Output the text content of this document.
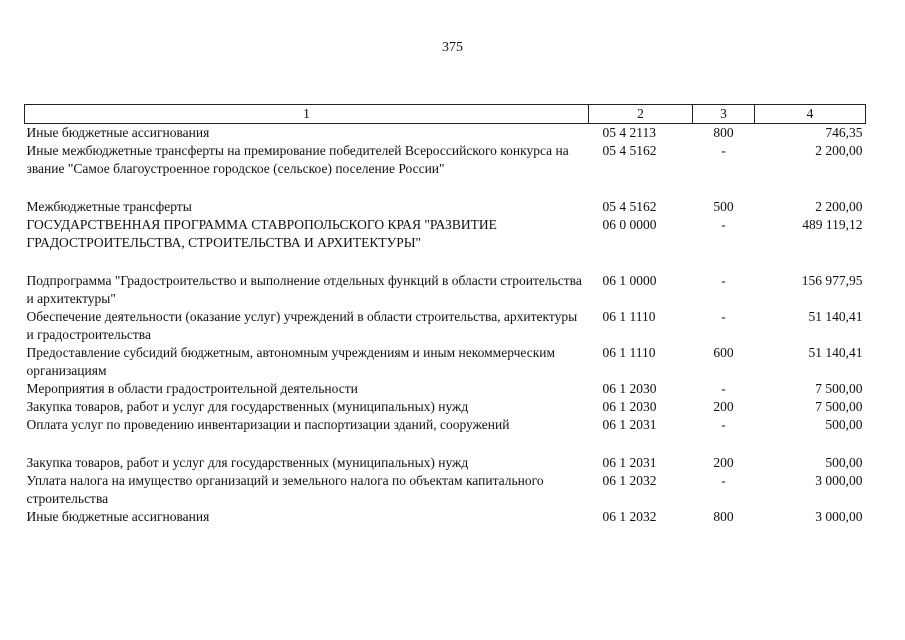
375
1	2	3	4
Иные бюджетные ассигнования	05 4 2113	800	746,35
Иные межбюджетные трансферты на премирование победителей Всероссийского конкурса на звание "Самое благоустроенное городское (сельское) поселение России"	05 4 5162	-	2 200,00

Межбюджетные трансферты	05 4 5162	500	2 200,00
ГОСУДАРСТВЕННАЯ ПРОГРАММА СТАВРОПОЛЬСКОГО КРАЯ "РАЗВИТИЕ ГРАДОСТРОИТЕЛЬСТВА, СТРОИТЕЛЬСТВА И АРХИТЕКТУРЫ"	06 0 0000	-	489 119,12

Подпрограмма "Градостроительство и выполнение отдельных функций в области строительства и архитектуры"	06 1 0000	-	156 977,95
Обеспечение деятельности (оказание услуг) учреждений в области строительства, архитектуры и градостроительства	06 1 1110	-	51 140,41
Предоставление субсидий бюджетным, автономным учреждениям и иным некоммерческим организациям	06 1 1110	600	51 140,41
Мероприятия в области градостроительной деятельности	06 1 2030	-	7 500,00
Закупка товаров, работ и услуг для государственных (муниципальных) нужд	06 1 2030	200	7 500,00
Оплата услуг по проведению инвентаризации и паспортизации зданий, сооружений	06 1 2031	-	500,00

Закупка товаров, работ и услуг для государственных (муниципальных) нужд	06 1 2031	200	500,00
Уплата налога на имущество организаций и земельного налога по объектам капитального строительства	06 1 2032	-	3 000,00
Иные бюджетные ассигнования	06 1 2032	800	3 000,00
